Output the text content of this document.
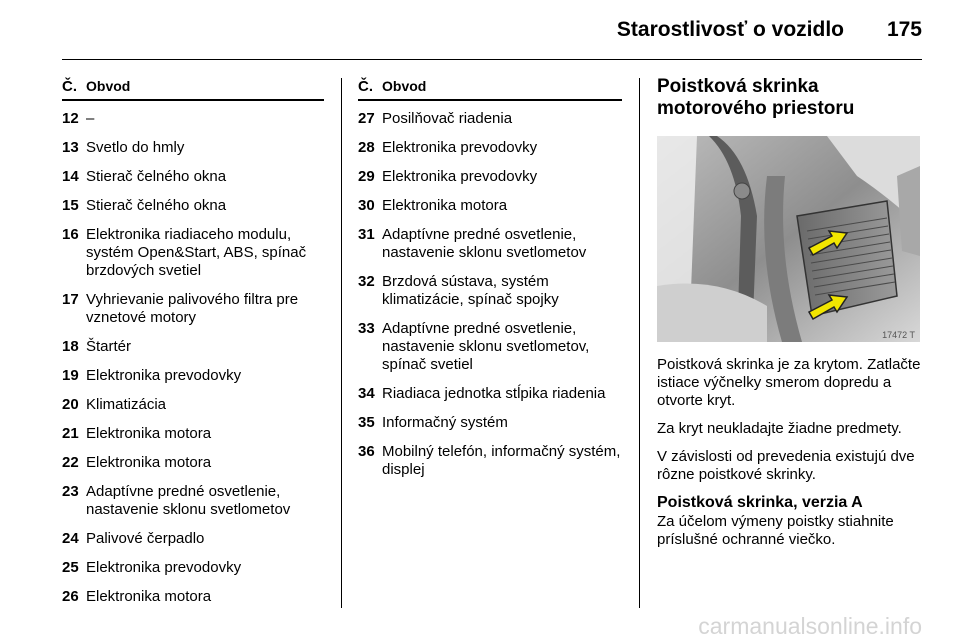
Starostlivosť o vozidlo 175
Č. Obvod
12 –
13 Svetlo do hmly
14 Stierač čelného okna
15 Stierač čelného okna
16 Elektronika riadiaceho modulu, systém Open&Start, ABS, spínač brzdových svetiel
17 Vyhrievanie palivového filtra pre vznetové motory
18 Štartér
19 Elektronika prevodovky
20 Klimatizácia
21 Elektronika motora
22 Elektronika motora
23 Adaptívne predné osvetlenie, nastavenie sklonu svetlometov
24 Palivové čerpadlo
25 Elektronika prevodovky
26 Elektronika motora
Č. Obvod
27 Posilňovač riadenia
28 Elektronika prevodovky
29 Elektronika prevodovky
30 Elektronika motora
31 Adaptívne predné osvetlenie, nastavenie sklonu svetlometov
32 Brzdová sústava, systém klimatizácie, spínač spojky
33 Adaptívne predné osvetlenie, nastavenie sklonu svetlometov, spínač svetiel
34 Riadiaca jednotka stĺpika riadenia
35 Informačný systém
36 Mobilný telefón, informačný systém, displej
Poistková skrinka motorového priestoru
17472 T
Poistková skrinka je za krytom. Zatlačte istiace výčnelky smerom dopredu a otvorte kryt.
Za kryt neukladajte žiadne predmety.
V závislosti od prevedenia existujú dve rôzne poistkové skrinky.
Poistková skrinka, verzia A
Za účelom výmeny poistky stiahnite príslušné ochranné viečko.
carmanualsonline.info
